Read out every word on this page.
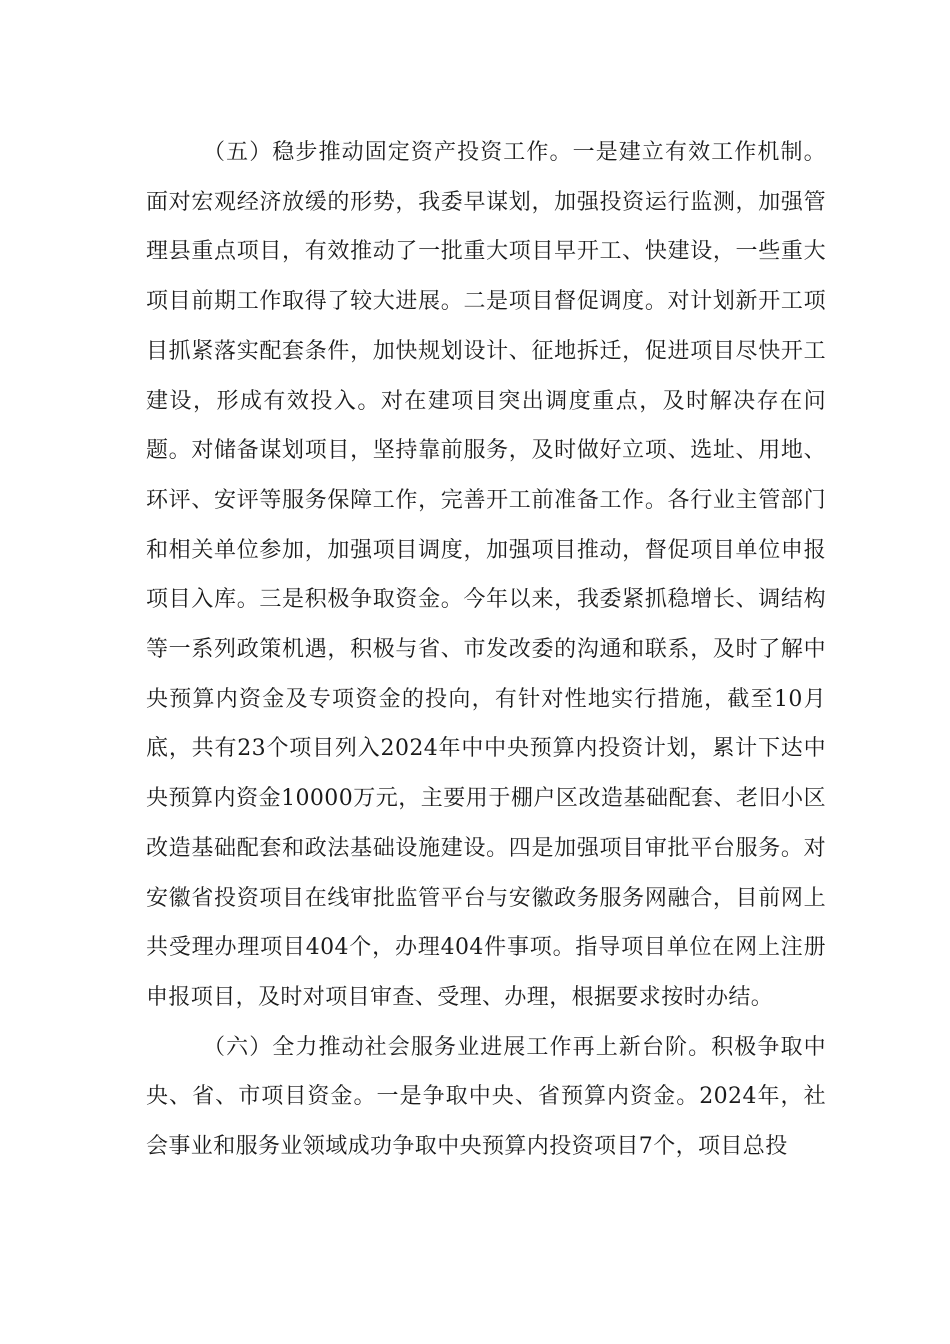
（五）稳步推动固定资产投资工作。一是建立有效工作机制。面对宏观经济放缓的形势，我委早谋划，加强投资运行监测，加强管理县重点项目，有效推动了一批重大项目早开工、快建设，一些重大项目前期工作取得了较大进展。二是项目督促调度。对计划新开工项目抓紧落实配套条件，加快规划设计、征地拆迁，促进项目尽快开工建设，形成有效投入。对在建项目突出调度重点，及时解决存在问题。对储备谋划项目，坚持靠前服务，及时做好立项、选址、用地、环评、安评等服务保障工作，完善开工前准备工作。各行业主管部门和相关单位参加，加强项目调度，加强项目推动，督促项目单位申报项目入库。三是积极争取资金。今年以来，我委紧抓稳增长、调结构等一系列政策机遇，积极与省、市发改委的沟通和联系，及时了解中央预算内资金及专项资金的投向，有针对性地实行措施，截至10月底，共有23个项目列入2024年中中央预算内投资计划，累计下达中央预算内资金10000万元，主要用于棚户区改造基础配套、老旧小区改造基础配套和政法基础设施建设。四是加强项目审批平台服务。对安徽省投资项目在线审批监管平台与安徽政务服务网融合，目前网上共受理办理项目404个，办理404件事项。指导项目单位在网上注册申报项目，及时对项目审查、受理、办理，根据要求按时办结。

（六）全力推动社会服务业进展工作再上新台阶。积极争取中央、省、市项目资金。一是争取中央、省预算内资金。2024年，社会事业和服务业领域成功争取中央预算内投资项目7个，项目总投
